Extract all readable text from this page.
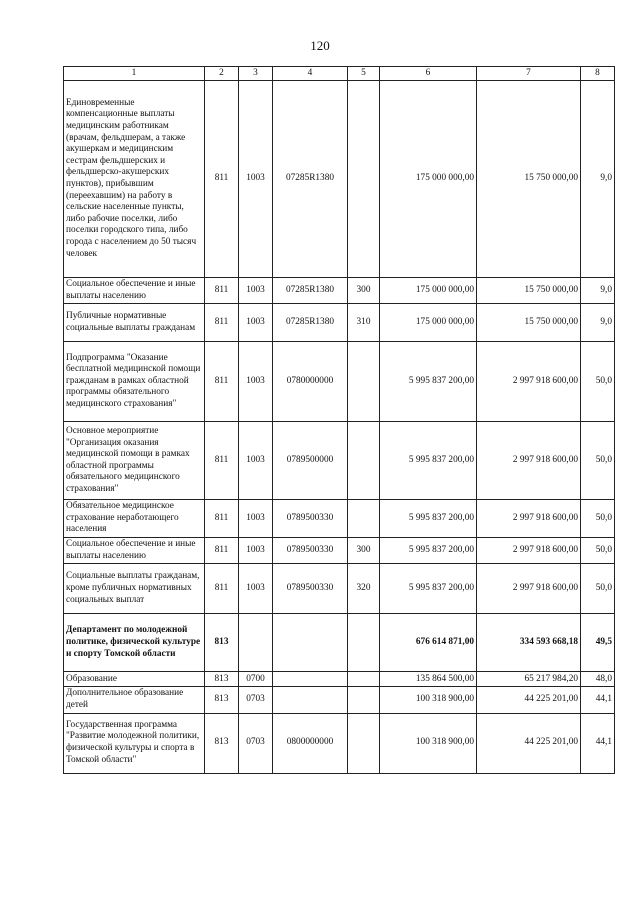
120
1	2	3	4	5	6	7	8
Единовременные компенсационные выплаты медицинским работникам (врачам, фельдшерам, а также акушеркам и медицинским сестрам фельдшерских и фельдшерско-акушерских пунктов), прибывшим (переехавшим) на работу в сельские населенные пункты, либо рабочие поселки, либо поселки городского типа, либо города с населением до 50 тысяч человек	811	1003	07285R1380		175 000 000,00	15 750 000,00	9,0
Социальное обеспечение и иные выплаты населению	811	1003	07285R1380	300	175 000 000,00	15 750 000,00	9,0
Публичные нормативные социальные выплаты гражданам	811	1003	07285R1380	310	175 000 000,00	15 750 000,00	9,0
Подпрограмма "Оказание бесплатной медицинской помощи гражданам в рамках областной программы обязательного медицинского страхования"	811	1003	0780000000		5 995 837 200,00	2 997 918 600,00	50,0
Основное мероприятие "Организация оказания медицинской помощи в рамках областной программы обязательного медицинского страхования"	811	1003	0789500000		5 995 837 200,00	2 997 918 600,00	50,0
Обязательное медицинское страхование неработающего населения	811	1003	0789500330		5 995 837 200,00	2 997 918 600,00	50,0
Социальное обеспечение и иные выплаты населению	811	1003	0789500330	300	5 995 837 200,00	2 997 918 600,00	50,0
Социальные выплаты гражданам, кроме публичных нормативных социальных выплат	811	1003	0789500330	320	5 995 837 200,00	2 997 918 600,00	50,0
Департамент по молодежной политике, физической культуре и спорту Томской области	813				676 614 871,00	334 593 668,18	49,5
Образование	813	0700			135 864 500,00	65 217 984,20	48,0
Дополнительное образование детей	813	0703			100 318 900,00	44 225 201,00	44,1
Государственная программа "Развитие молодежной политики, физической культуры и спорта в Томской области"	813	0703	0800000000		100 318 900,00	44 225 201,00	44,1
